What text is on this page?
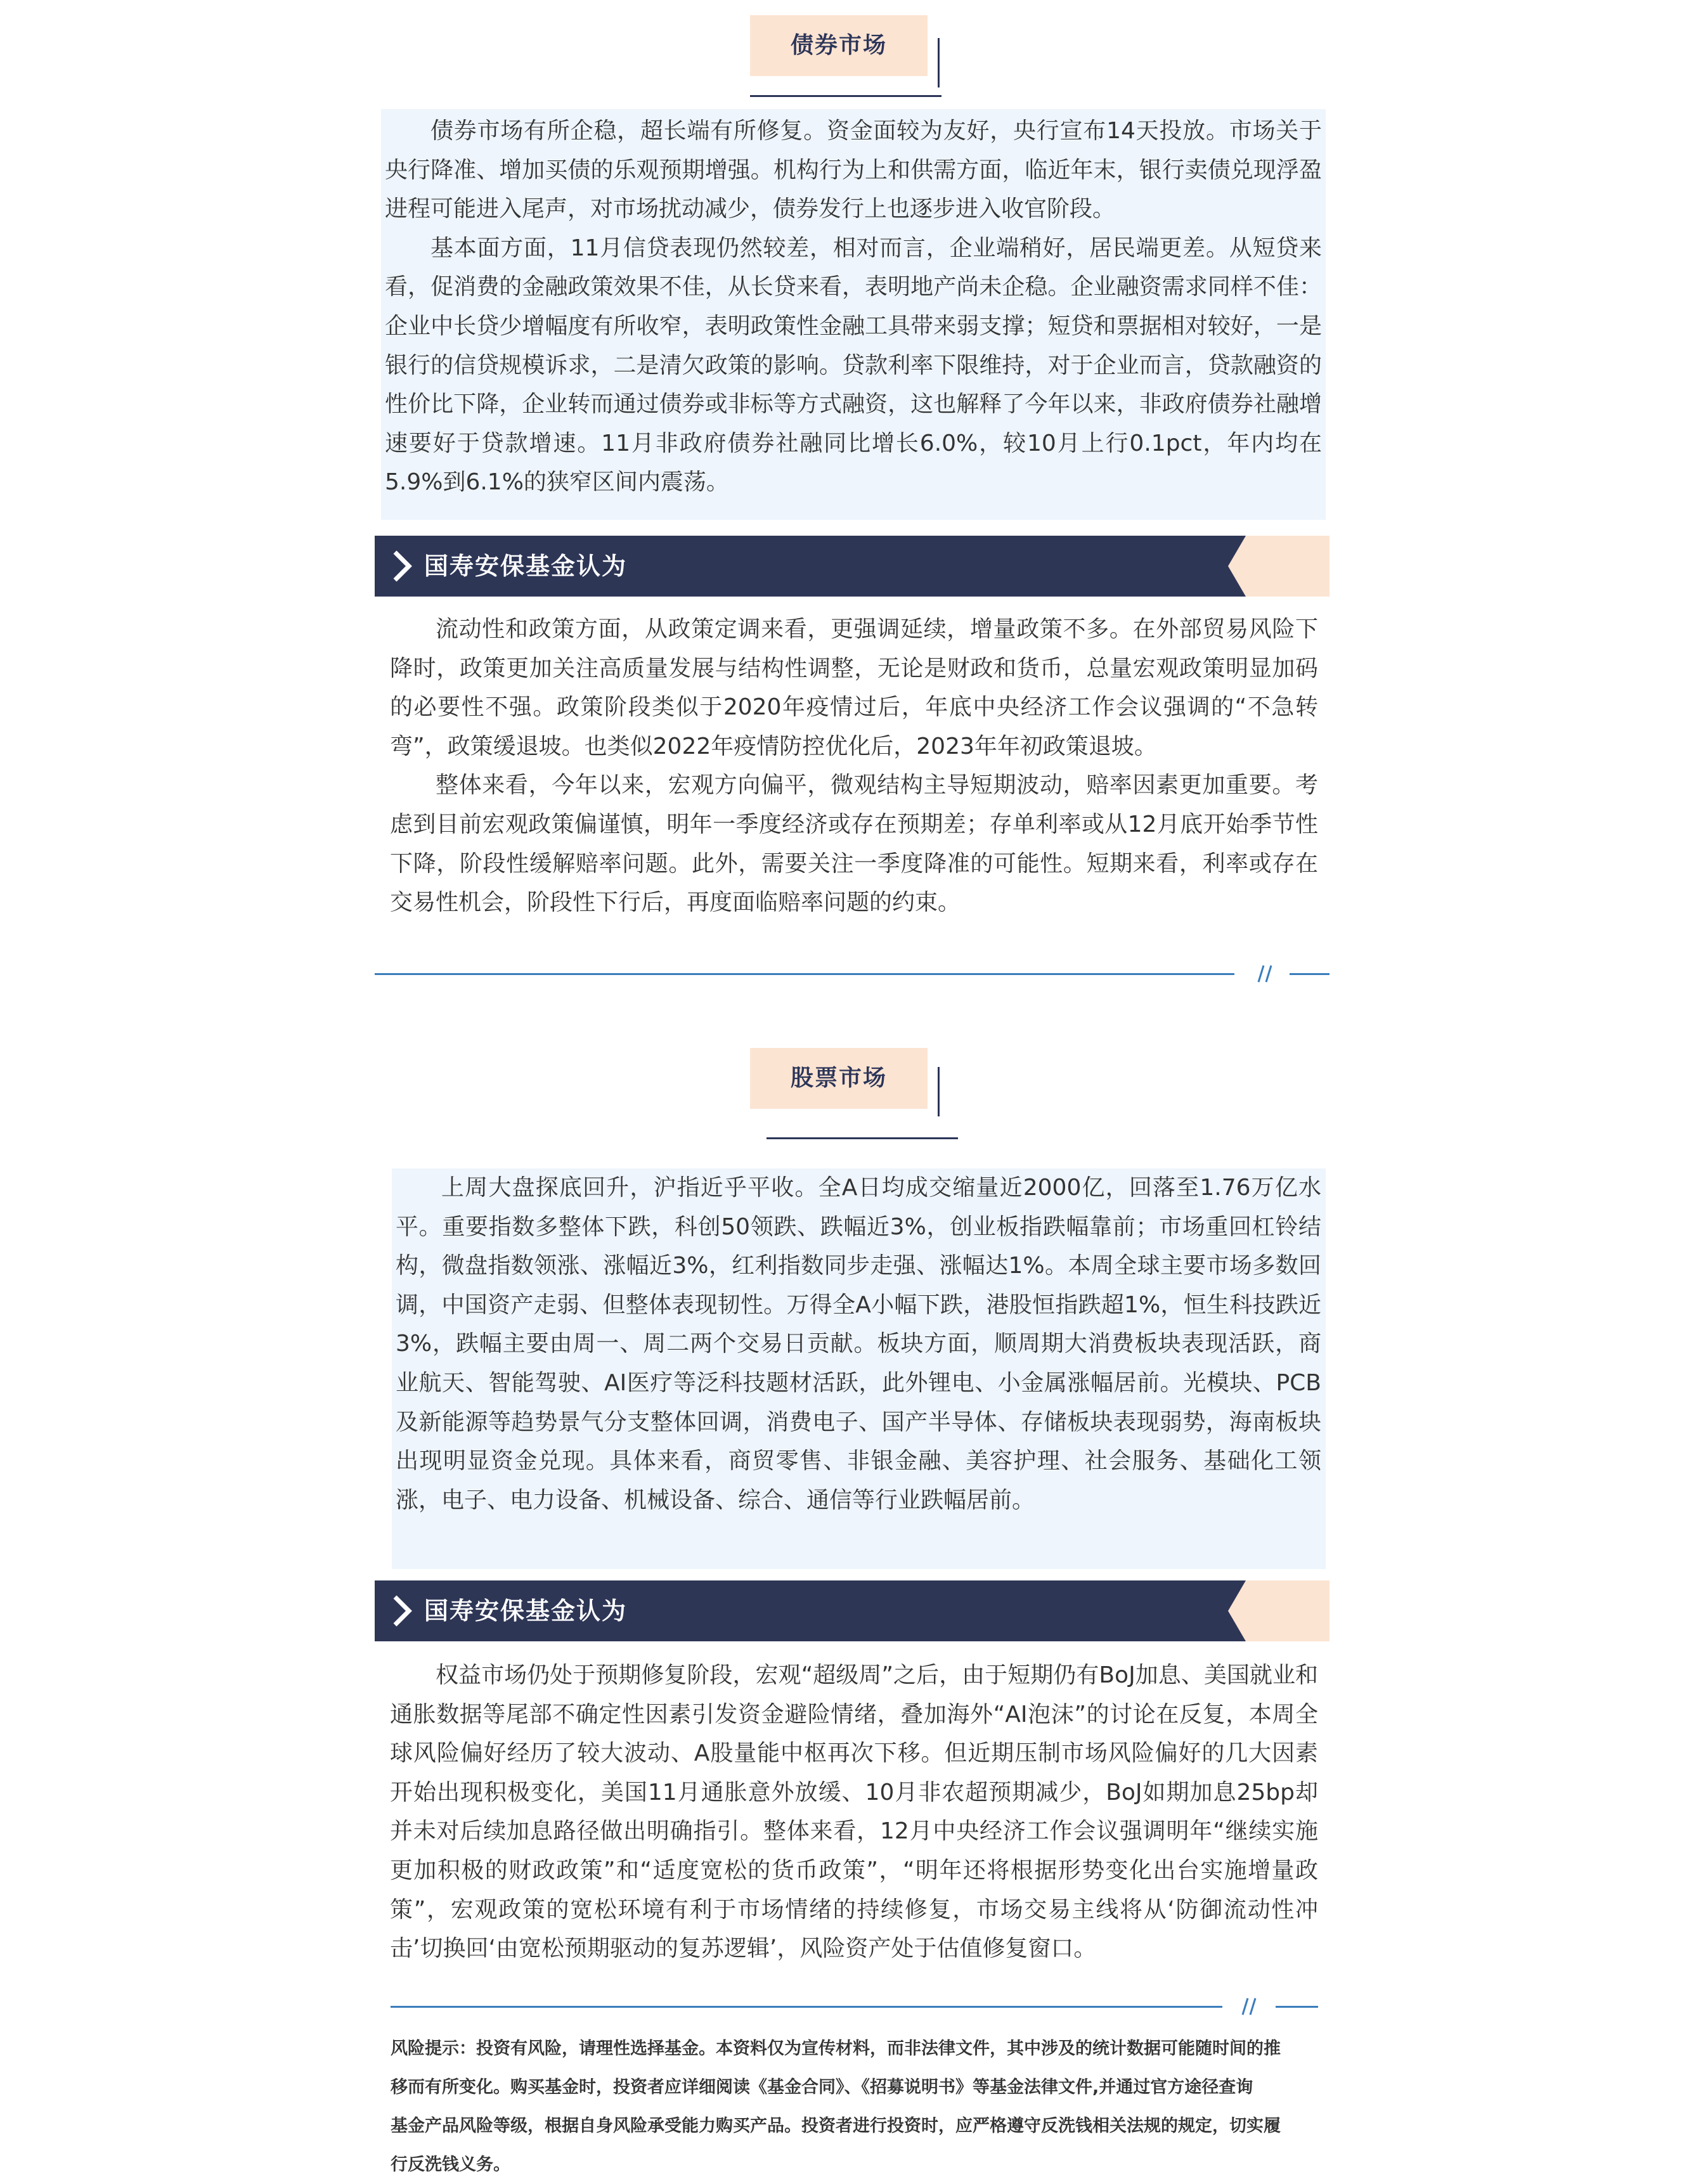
债券市场

债券市场有所企稳，超长端有所修复。资金面较为友好，央行宣布14天投放。市场关于央行降准、增加买债的乐观预期增强。机构行为上和供需方面，临近年末，银行卖债兑现浮盈进程可能进入尾声，对市场扰动减少，债券发行上也逐步进入收官阶段。

基本面方面，11月信贷表现仍然较差，相对而言，企业端稍好，居民端更差。从短贷来看，促消费的金融政策效果不佳，从长贷来看，表明地产尚未企稳。企业融资需求同样不佳：企业中长贷少增幅度有所收窄，表明政策性金融工具带来弱支撑；短贷和票据相对较好，一是银行的信贷规模诉求，二是清欠政策的影响。贷款利率下限维持，对于企业而言，贷款融资的性价比下降，企业转而通过债券或非标等方式融资，这也解释了今年以来，非政府债券社融增速要好于贷款增速。11月非政府债券社融同比增长6.0%，较10月上行0.1pct，年内均在5.9%到6.1%的狭窄区间内震荡。

国寿安保基金认为

流动性和政策方面，从政策定调来看，更强调延续，增量政策不多。在外部贸易风险下降时，政策更加关注高质量发展与结构性调整，无论是财政和货币，总量宏观政策明显加码的必要性不强。政策阶段类似于2020年疫情过后，年底中央经济工作会议强调的“不急转弯”，政策缓退坡。也类似2022年疫情防控优化后，2023年年初政策退坡。

整体来看，今年以来，宏观方向偏平，微观结构主导短期波动，赔率因素更加重要。考虑到目前宏观政策偏谨慎，明年一季度经济或存在预期差；存单利率或从12月底开始季节性下降，阶段性缓解赔率问题。此外，需要关注一季度降准的可能性。短期来看，利率或存在交易性机会，阶段性下行后，再度面临赔率问题的约束。

股票市场

上周大盘探底回升，沪指近乎平收。全A日均成交缩量近2000亿，回落至1.76万亿水平。重要指数多整体下跌，科创50领跌、跌幅近3%，创业板指跌幅靠前；市场重回杠铃结构，微盘指数领涨、涨幅近3%，红利指数同步走强、涨幅达1%。本周全球主要市场多数回调，中国资产走弱、但整体表现韧性。万得全A小幅下跌，港股恒指跌超1%，恒生科技跌近3%，跌幅主要由周一、周二两个交易日贡献。板块方面，顺周期大消费板块表现活跃，商业航天、智能驾驶、AI医疗等泛科技题材活跃，此外锂电、小金属涨幅居前。光模块、PCB及新能源等趋势景气分支整体回调，消费电子、国产半导体、存储板块表现弱势，海南板块出现明显资金兑现。具体来看，商贸零售、非银金融、美容护理、社会服务、基础化工领涨，电子、电力设备、机械设备、综合、通信等行业跌幅居前。

国寿安保基金认为

权益市场仍处于预期修复阶段，宏观“超级周”之后，由于短期仍有BoJ加息、美国就业和通胀数据等尾部不确定性因素引发资金避险情绪，叠加海外“AI泡沫”的讨论在反复，本周全球风险偏好经历了较大波动、A股量能中枢再次下移。但近期压制市场风险偏好的几大因素开始出现积极变化，美国11月通胀意外放缓、10月非农超预期减少，BoJ如期加息25bp却并未对后续加息路径做出明确指引。整体来看，12月中央经济工作会议强调明年“继续实施更加积极的财政政策”和“适度宽松的货币政策”，“明年还将根据形势变化出台实施增量政策”，宏观政策的宽松环境有利于市场情绪的持续修复，市场交易主线将从‘防御流动性冲击’切换回‘由宽松预期驱动的复苏逻辑’，风险资产处于估值修复窗口。

风险提示：投资有风险，请理性选择基金。本资料仅为宣传材料，而非法律文件，其中涉及的统计数据可能随时间的推

移而有所变化。购买基金时，投资者应详细阅读《基金合同》、《招募说明书》等基金法律文件,并通过官方途径查询

基金产品风险等级，根据自身风险承受能力购买产品。投资者进行投资时，应严格遵守反洗钱相关法规的规定，切实履

行反洗钱义务。
